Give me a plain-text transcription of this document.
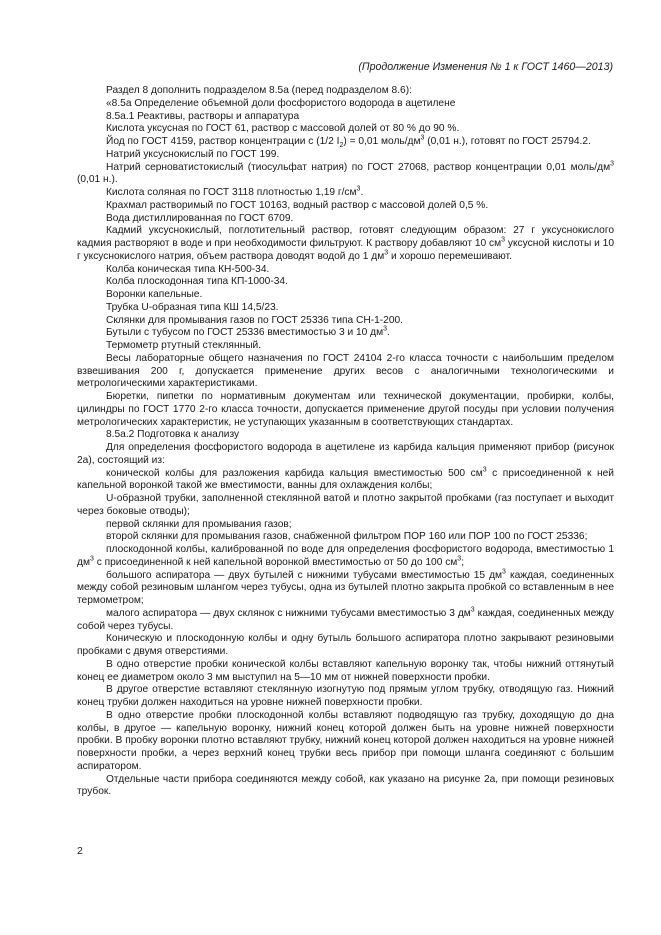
(Продолжение Изменения № 1 к ГОСТ 1460—2013)

Раздел 8 дополнить подразделом 8.5а (перед подразделом 8.6):

«8.5а Определение объемной доли фосфористого водорода в ацетилене

8.5а.1 Реактивы, растворы и аппаратура

Кислота уксусная по ГОСТ 61, раствор с массовой долей от 80 % до 90 %.

Йод по ГОСТ 4159, раствор концентрации с (1/2 $I_2) = 0,01$ моль/$дм^3$ (0,01 н.), готовят по ГОСТ 25794.2.

Натрий уксуснокислый по ГОСТ 199.

Натрий серноватистокислый (тиосульфат натрия) по ГОСТ 27068, раствор концентрации 0,01 моль/$дм^3$ (0,01 н.).

Кислота соляная по ГОСТ 3118 плотностью 1,19 $г/см^3$.

Крахмал растворимый по ГОСТ 10163, водный раствор с массовой долей 0,5 %.

Вода дистиллированная по ГОСТ 6709.

Кадмий уксуснокислый, поглотительный раствор, готовят следующим образом: 27 г уксуснокислого кадмия растворяют в воде и при необходимости фильтруют. К раствору добавляют 10 $см^3$ уксусной кислоты и 10 г уксуснокислого натрия, объем раствора доводят водой до 1 $дм^3$ и хорошо перемешивают.

Колба коническая типа КН-500-34.

Колба плоскодонная типа КП-1000-34.

Воронки капельные.

Трубка U-образная типа КШ 14,5/23.

Склянки для промывания газов по ГОСТ 25336 типа СН-1-200.

Бутыли с тубусом по ГОСТ 25336 вместимостью 3 и 10 $дм^3$.

Термометр ртутный стеклянный.

Весы лабораторные общего назначения по ГОСТ 24104 2-го класса точности с наибольшим пределом взвешивания 200 г, допускается применение других весов с аналогичными технологическими и метрологическими характеристиками.

Бюретки, пипетки по нормативным документам или технической документации, пробирки, колбы, цилиндры по ГОСТ 1770 2-го класса точности, допускается применение другой посуды при условии получения метрологических характеристик, не уступающих указанным в соответствующих стандартах.

8.5а.2 Подготовка к анализу

Для определения фосфористого водорода в ацетилене из карбида кальция применяют прибор (рисунок 2а), состоящий из:

конической колбы для разложения карбида кальция вместимостью 500 $см^3$ с присоединенной к ней капельной воронкой такой же вместимости, ванны для охлаждения колбы;

U-образной трубки, заполненной стеклянной ватой и плотно закрытой пробками (газ поступает и выходит через боковые отводы);

первой склянки для промывания газов;

второй склянки для промывания газов, снабженной фильтром ПОР 160 или ПОР 100 по ГОСТ 25336;

плоскодонной колбы, калиброванной по воде для определения фосфористого водорода, вместимостью 1 $дм^3$ с присоединенной к ней капельной воронкой вместимостью от 50 до 100 $см^3$;

большого аспиратора — двух бутылей с нижними тубусами вместимостью 15 $дм^3$ каждая, соединенных между собой резиновым шлангом через тубусы, одна из бутылей плотно закрыта пробкой со вставленным в нее термометром;

малого аспиратора — двух склянок с нижними тубусами вместимостью 3 $дм^3$ каждая, соединенных между собой через тубусы.

Коническую и плоскодонную колбы и одну бутыль большого аспиратора плотно закрывают резиновыми пробками с двумя отверстиями.

В одно отверстие пробки конической колбы вставляют капельную воронку так, чтобы нижний оттянутый конец ее диаметром около 3 мм выступил на 5—10 мм от нижней поверхности пробки.

В другое отверстие вставляют стеклянную изогнутую под прямым углом трубку, отводящую газ. Нижний конец трубки должен находиться на уровне нижней поверхности пробки.

В одно отверстие пробки плоскодонной колбы вставляют подводящую газ трубку, доходящую до дна колбы, в другое — капельную воронку, нижний конец которой должен быть на уровне нижней поверхности пробки. В пробку воронки плотно вставляют трубку, нижний конец которой должен находиться на уровне нижней поверхности пробки, а через верхний конец трубки весь прибор при помощи шланга соединяют с большим аспиратором.

Отдельные части прибора соединяются между собой, как указано на рисунке 2а, при помощи резиновых трубок.

2
